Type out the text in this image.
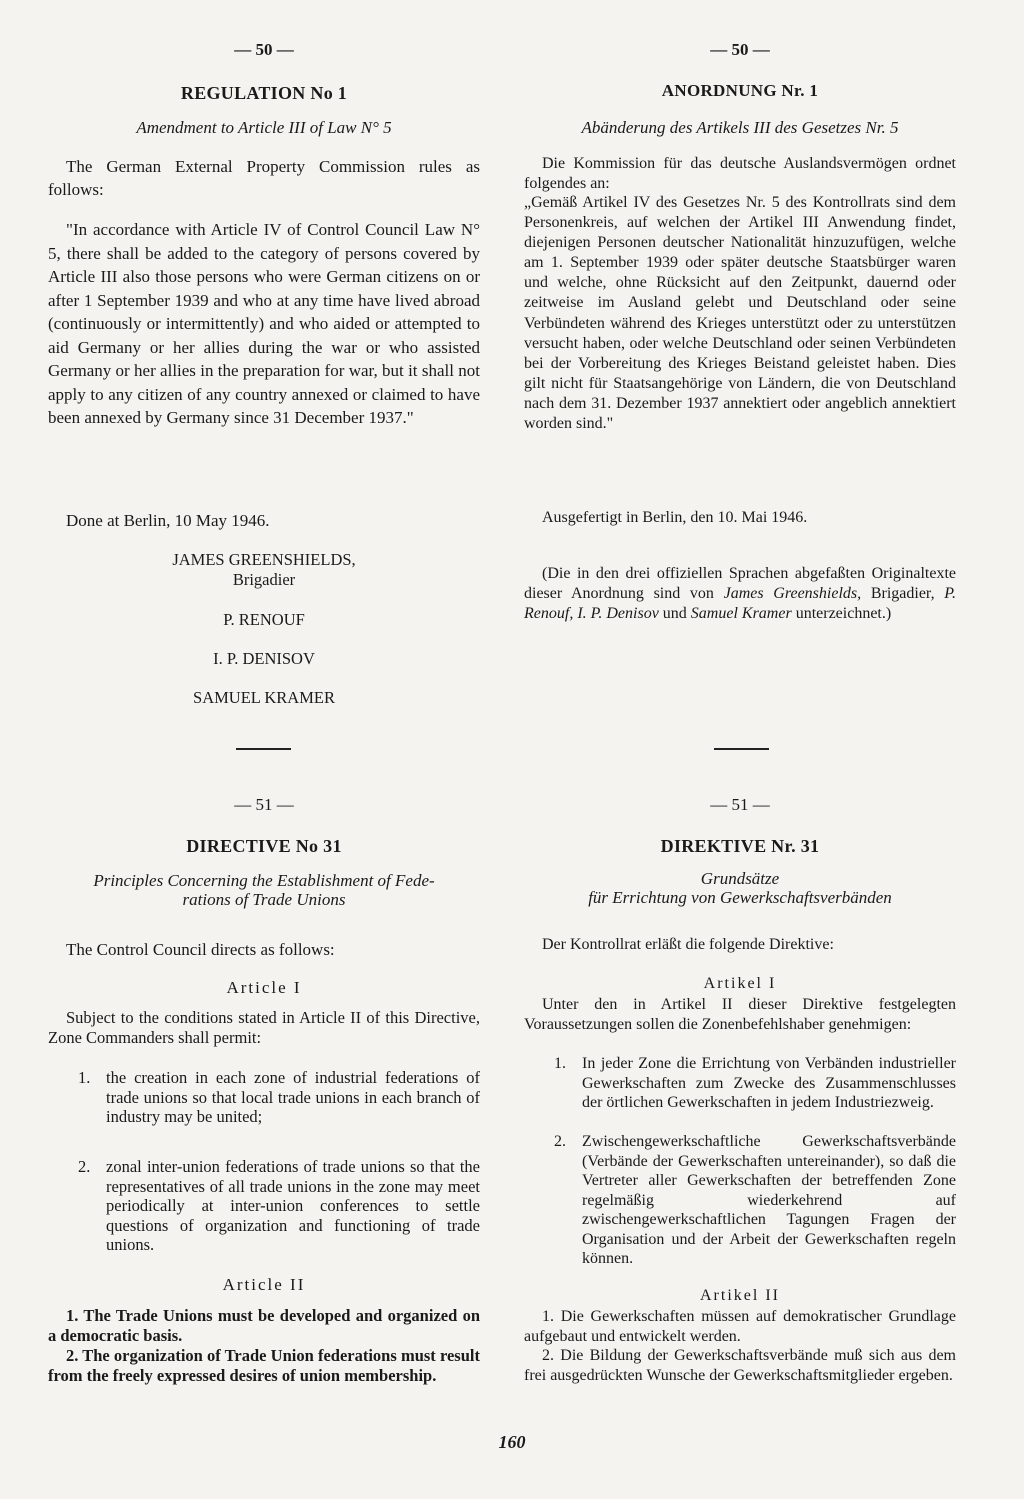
— 50 —
REGULATION No 1
Amendment to Article III of Law N° 5

The German External Property Commission rules as follows:

"In accordance with Article IV of Control Council Law N° 5, there shall be added to the category of persons covered by Article III also those persons who were German citizens on or after 1 September 1939 and who at any time have lived abroad (continuously or intermittently) and who aided or attempted to aid Germany or her allies during the war or who assisted Germany or her allies in the preparation for war, but it shall not apply to any citizen of any country annexed or claimed to have been annexed by Germany since 31 December 1937."

Done at Berlin, 10 May 1946.

JAMES GREENSHIELDS,
Brigadier
P. RENOUF
I. P. DENISOV
SAMUEL KRAMER
— 51 —
DIRECTIVE No 31
Principles Concerning the Establishment of Fede-
rations of Trade Unions

The Control Council directs as follows:

Article I

Subject to the conditions stated in Article II of this Directive, Zone Commanders shall permit:

1. the creation in each zone of industrial federations of trade unions so that local trade unions in each branch of industry may be united;
2. zonal inter-union federations of trade unions so that the representatives of all trade unions in the zone may meet periodically at inter-union conferences to settle questions of organization and functioning of trade unions.
Article II

1. The Trade Unions must be developed and organized on a democratic basis.

2. The organization of Trade Union federations must result from the freely expressed desires of union membership.

— 50 —
ANORDNUNG Nr. 1
Abänderung des Artikels III des Gesetzes Nr. 5

Die Kommission für das deutsche Auslandsvermögen ordnet folgendes an:

„Gemäß Artikel IV des Gesetzes Nr. 5 des Kontrollrats sind dem Personenkreis, auf welchen der Artikel III Anwendung findet, diejenigen Personen deutscher Nationalität hinzuzufügen, welche am 1. September 1939 oder später deutsche Staatsbürger waren und welche, ohne Rücksicht auf den Zeitpunkt, dauernd oder zeitweise im Ausland gelebt und Deutschland oder seine Verbündeten während des Krieges unterstützt oder zu unterstützen versucht haben, oder welche Deutschland oder seinen Verbündeten bei der Vorbereitung des Krieges Beistand geleistet haben. Dies gilt nicht für Staatsangehörige von Ländern, die von Deutschland nach dem 31. Dezember 1937 annektiert oder angeblich annektiert worden sind."

Ausgefertigt in Berlin, den 10. Mai 1946.

(Die in den drei offiziellen Sprachen abgefaßten Originaltexte dieser Anordnung sind von James Greenshields, Brigadier, P. Renouf, I. P. Denisov und Samuel Kramer unterzeichnet.)

— 51 —
DIREKTIVE Nr. 31
Grundsätze
für Errichtung von Gewerkschaftsverbänden

Der Kontrollrat erläßt die folgende Direktive:

Artikel I

Unter den in Artikel II dieser Direktive festgelegten Voraussetzungen sollen die Zonenbefehlshaber genehmigen:

1. In jeder Zone die Errichtung von Verbänden industrieller Gewerkschaften zum Zwecke des Zusammenschlusses der örtlichen Gewerkschaften in jedem Industriezweig.
2. Zwischengewerkschaftliche Gewerkschaftsverbände (Verbände der Gewerkschaften untereinander), so daß die Vertreter aller Gewerkschaften der betreffenden Zone regelmäßig wiederkehrend auf zwischengewerkschaftlichen Tagungen Fragen der Organisation und der Arbeit der Gewerkschaften regeln können.
Artikel II

1. Die Gewerkschaften müssen auf demokratischer Grundlage aufgebaut und entwickelt werden.

2. Die Bildung der Gewerkschaftsverbände muß sich aus dem frei ausgedrückten Wunsche der Gewerkschaftsmitglieder ergeben.

160
